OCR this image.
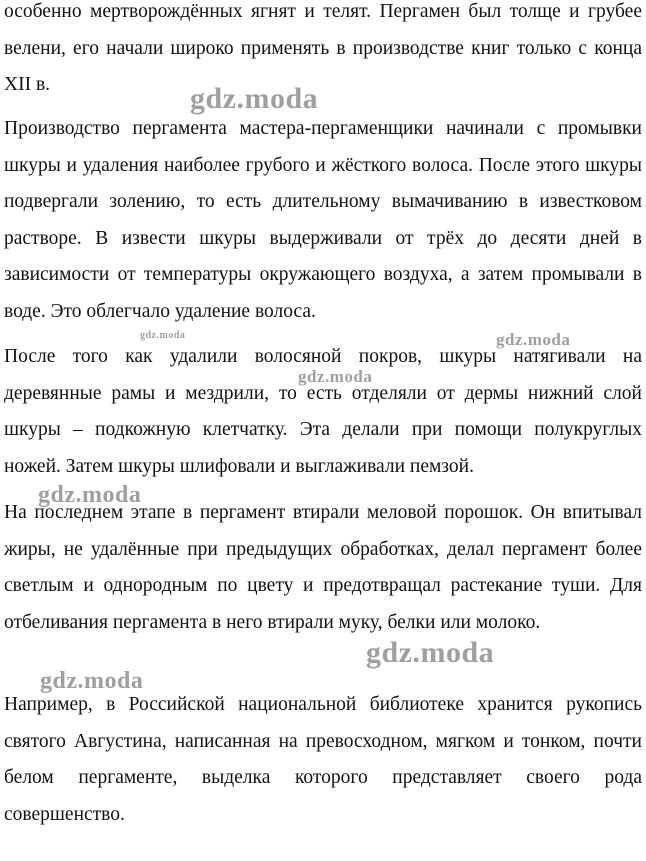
особенно мертворождённых ягнят и телят. Пергамен был толще и грубее велени, его начали широко применять в производстве книг только с конца XII в.

Производство пергамента мастера-пергаменщики начинали с промывки шкуры и удаления наиболее грубого и жёсткого волоса. После этого шкуры подвергали золению, то есть длительному вымачиванию в известковом растворе. В извести шкуры выдерживали от трёх до десяти дней в зависимости от температуры окружающего воздуха, а затем промывали в воде. Это облегчало удаление волоса.

После того как удалили волосяной покров, шкуры натягивали на деревянные рамы и мездрили, то есть отделяли от дермы нижний слой шкуры – подкожную клетчатку. Эта делали при помощи полукруглых ножей. Затем шкуры шлифовали и выглаживали пемзой.

На последнем этапе в пергамент втирали меловой порошок. Он впитывал жиры, не удалённые при предыдущих обработках, делал пергамент более светлым и однородным по цвету и предотвращал растекание туши. Для отбеливания пергамента в него втирали муку, белки или молоко.

Например, в Российской национальной библиотеке хранится рукопись святого Августина, написанная на превосходном, мягком и тонком, почти белом пергаменте, выделка которого представляет своего рода совершенство.

gdz.moda
gdz.moda	gdz.moda
gdz.moda
gdz.moda
gdz.moda
gdz.moda
